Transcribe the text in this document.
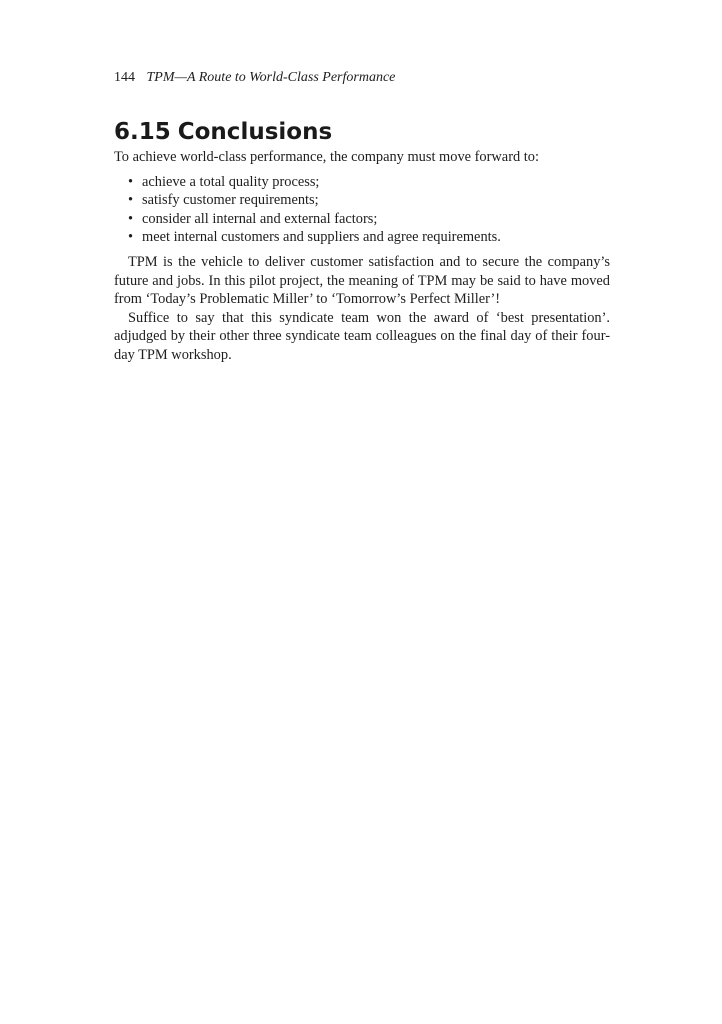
144 TPM—A Route to World-Class Performance

6.15 Conclusions

To achieve world-class performance, the company must move forward to:

• achieve a total quality process;
• satisfy customer requirements;
• consider all internal and external factors;
• meet internal customers and suppliers and agree requirements.

TPM is the vehicle to deliver customer satisfaction and to secure the company’s future and jobs. In this pilot project, the meaning of TPM may be said to have moved from ‘Today’s Problematic Miller’ to ‘Tomorrow’s Perfect Miller’!

Suffice to say that this syndicate team won the award of ‘best presentation’. adjudged by their other three syndicate team colleagues on the final day of their four-day TPM workshop.
